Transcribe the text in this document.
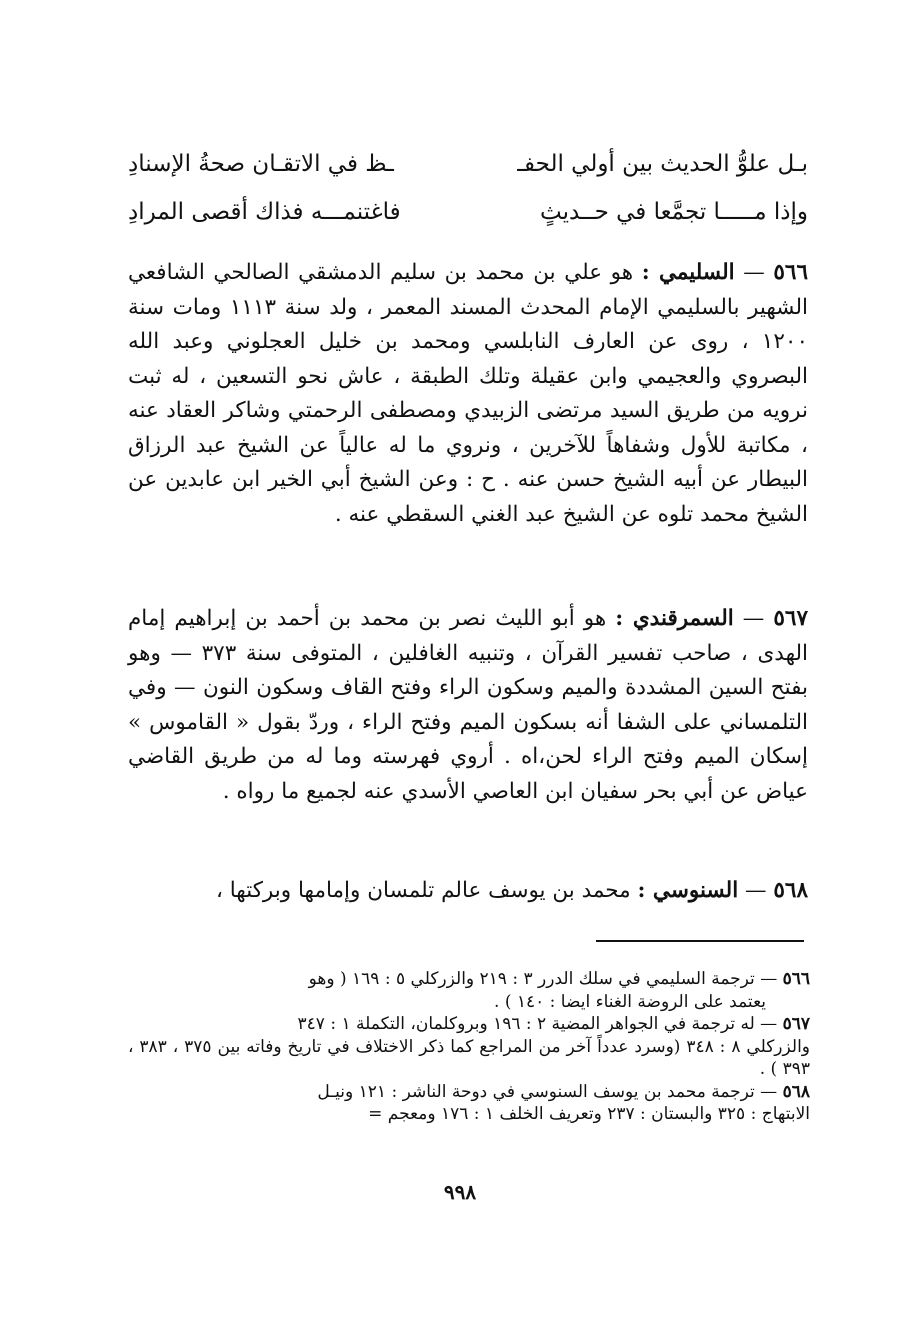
بـل علوُّ الحديث بين أولي الحفـ
ـظ في الاتقـان صحةُ الإسنادِ
وإذا مـــــا تجمَّعا في حــديثٍ
فاغتنمـــه فذاك أقصى المرادِ
٥٦٦ — السليمي : هو علي بن محمد بن سليم الدمشقي الصالحي الشافعي الشهير بالسليمي الإمام المحدث المسند المعمر ، ولد سنة ١١١٣ ومات سنة ١٢٠٠ ، روى عن العارف النابلسي ومحمد بن خليل العجلوني وعبد الله البصروي والعجيمي وابن عقيلة وتلك الطبقة ، عاش نحو التسعين ، له ثبت نرويه من طريق السيد مرتضى الزبيدي ومصطفى الرحمتي وشاكر العقاد عنه ، مكاتبة للأول وشفاهاً للآخرين ، ونروي ما له عالياً عن الشيخ عبد الرزاق البيطار عن أبيه الشيخ حسن عنه . ح : وعن الشيخ أبي الخير ابن عابدين عن الشيخ محمد تلوه عن الشيخ عبد الغني السقطي عنه .
٥٦٧ — السمرقندي : هو أبو الليث نصر بن محمد بن أحمد بن إبراهيم إمام الهدى ، صاحب تفسير القرآن ، وتنبيه الغافلين ، المتوفى سنة ٣٧٣ — وهو بفتح السين المشددة والميم وسكون الراء وفتح القاف وسكون النون — وفي التلمساني على الشفا أنه بسكون الميم وفتح الراء ، وردّ بقول « القاموس » إسكان الميم وفتح الراء لحن،اه . أروي فهرسته وما له من طريق القاضي عياض عن أبي بحر سفيان ابن العاصي الأسدي عنه لجميع ما رواه .
٥٦٨ — السنوسي : محمد بن يوسف عالم تلمسان وإمامها وبركتها ،

٥٦٦ — ترجمة السليمي في سلك الدرر ٣ : ٢١٩ والزركلي ٥ : ١٦٩ ( وهو

يعتمد على الروضة الغناء ايضا : ١٤٠ ) .

٥٦٧ — له ترجمة في الجواهر المضية ٢ : ١٩٦ وبروكلمان، التكملة ١ : ٣٤٧

والزركلي ٨ : ٣٤٨ (وسرد عدداً آخر من المراجع كما ذكر الاختلاف في تاريخ وفاته بين ٣٧٥ ، ٣٨٣ ، ٣٩٣ ) .

٥٦٨ — ترجمة محمد بن يوسف السنوسي في دوحة الناشر : ١٢١ ونيـل

الابتهاج : ٣٢٥ والبستان : ٢٣٧ وتعريف الخلف ١ : ١٧٦ ومعجم =

٩٩٨
